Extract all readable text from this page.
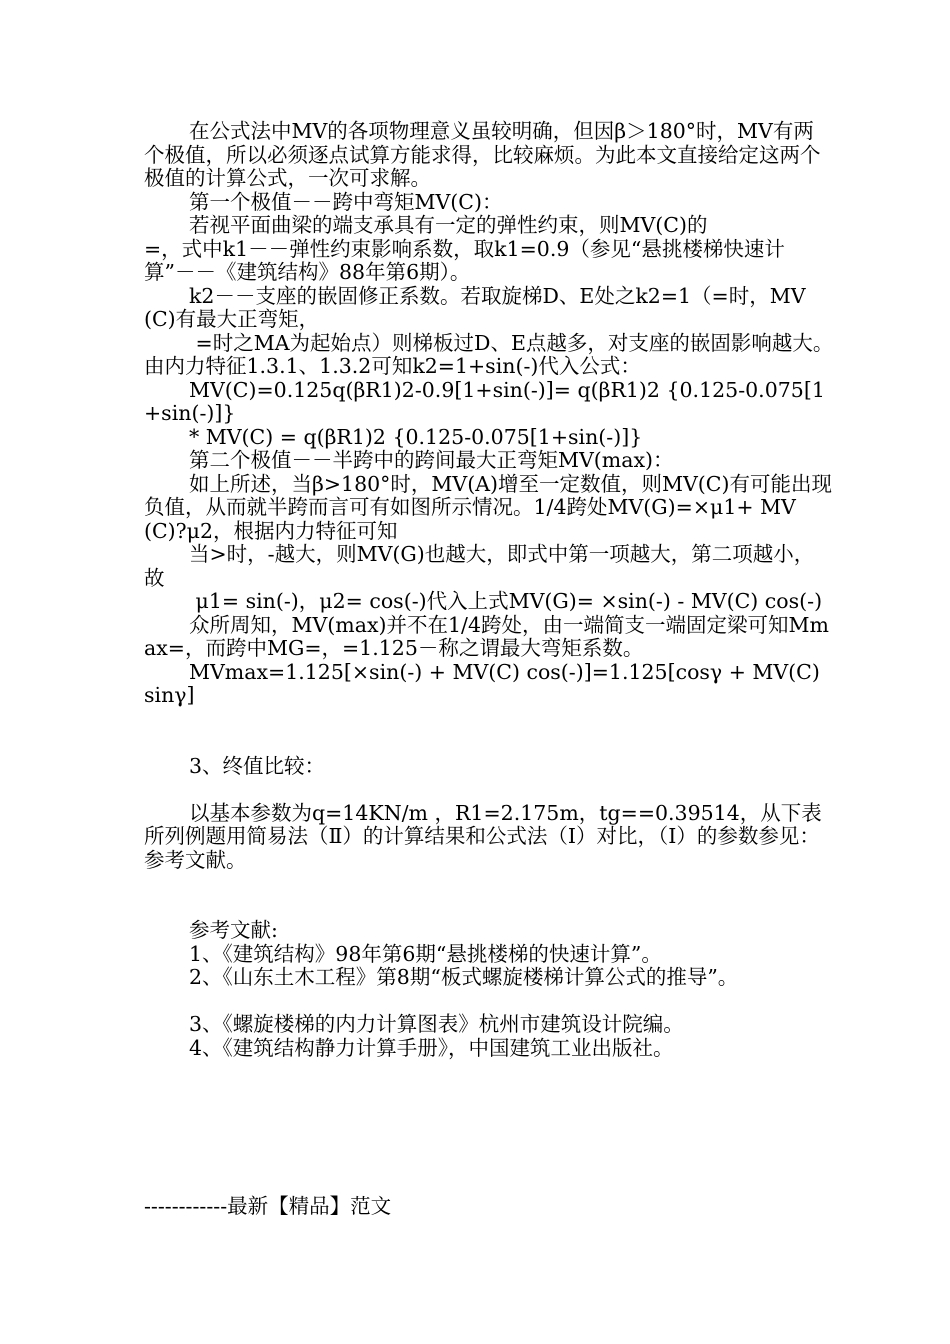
在公式法中MV的各项物理意义虽较明确，但因β＞180°时，MV有两个极值，所以必须逐点试算方能求得，比较麻烦。为此本文直接给定这两个极值的计算公式，一次可求解。

第一个极值－－跨中弯矩MV(C)：

若视平面曲梁的端支承具有一定的弹性约束，则MV(C)的

=，式中k1－－弹性约束影响系数，取k1=0.9（参见“悬挑楼梯快速计算”－－《建筑结构》88年第6期）。

k2－－支座的嵌固修正系数。若取旋梯D、E处之k2=1（=时，MV(C)有最大正弯矩，

=时之MA为起始点）则梯板过D、E点越多，对支座的嵌固影响越大。由内力特征1.3.1、1.3.2可知k2=1+sin(-)代入公式：

MV(C)=0.125q(βR1)2-0.9[1+sin(-)]= q(βR1)2 {0.125-0.075[1+sin(-)]}

* MV(C) = q(βR1)2 {0.125-0.075[1+sin(-)]}

第二个极值－－半跨中的跨间最大正弯矩MV(max)：

如上所述，当β>180°时，MV(A)增至一定数值，则MV(C)有可能出现负值，从而就半跨而言可有如图所示情况。1/4跨处MV(G)=×μ1+ MV(C)?μ2，根据内力特征可知

当>时，-越大，则MV(G)也越大，即式中第一项越大，第二项越小，故

μ1= sin(-)，μ2= cos(-)代入上式MV(G)= ×sin(-) - MV(C) cos(-)

众所周知，MV(max)并不在1/4跨处，由一端简支一端固定梁可知Mmax=，而跨中MG=，=1.125－称之谓最大弯矩系数。

MVmax=1.125[×sin(-) + MV(C) cos(-)]=1.125[cosγ + MV(C) sinγ]

3、终值比较：

以基本参数为q=14KN/m ，R1=2.175m，tg==0.39514，从下表所列例题用简易法（Ⅱ）的计算结果和公式法（Ⅰ）对比，（Ⅰ）的参数参见：参考文献。

参考文献:

1、《建筑结构》98年第6期“悬挑楼梯的快速计算”。

2、《山东土木工程》第8期“板式螺旋楼梯计算公式的推导”。

3、《螺旋楼梯的内力计算图表》杭州市建筑设计院编。

4、《建筑结构静力计算手册》，中国建筑工业出版社。

------------最新【精品】范文
